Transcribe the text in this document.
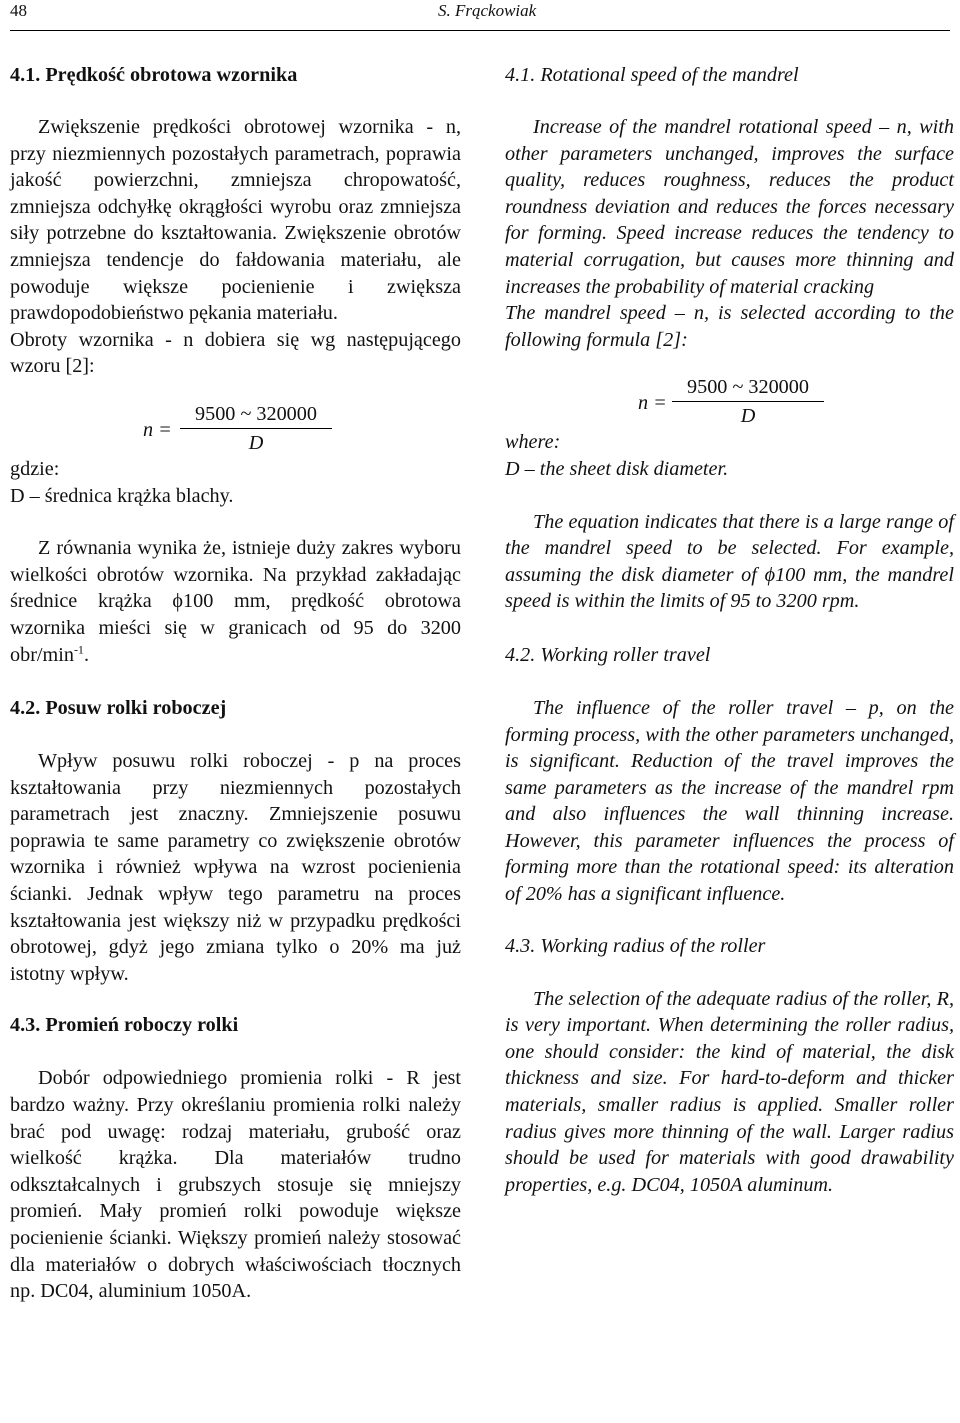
48	S. Frąckowiak
4.1. Prędkość obrotowa wzornika

Zwiększenie prędkości obrotowej wzornika - n, przy niezmiennych pozostałych parametrach, poprawia jakość powierzchni, zmniejsza chropowatość, zmniejsza odchyłkę okrągłości wyrobu oraz zmniejsza siły potrzebne do kształtowania. Zwiększenie obrotów zmniejsza tendencje do fałdowania materiału, ale powoduje większe pocienienie i zwiększa prawdopodobieństwo pękania materiału.

Obroty wzornika - n dobiera się wg następującego wzoru [2]:

$n = \frac{9500 \sim 320000}{D}$

gdzie:

D – średnica krążka blachy.

Z równania wynika że, istnieje duży zakres wyboru wielkości obrotów wzornika. Na przykład zakładając średnice krążka ϕ100 mm, prędkość obrotowa wzornika mieści się w granicach od 95 do 3200 obr/$\min^{-1}$.

4.2. Posuw rolki roboczej

Wpływ posuwu rolki roboczej - p na proces kształtowania przy niezmiennych pozostałych parametrach jest znaczny. Zmniejszenie posuwu poprawia te same parametry co zwiększenie obrotów wzornika i również wpływa na wzrost pocienienia ścianki. Jednak wpływ tego parametru na proces kształtowania jest większy niż w przypadku prędkości obrotowej, gdyż jego zmiana tylko o 20% ma już istotny wpływ.

4.3. Promień roboczy rolki

Dobór odpowiedniego promienia rolki - R jest bardzo ważny. Przy określaniu promienia rolki należy brać pod uwagę: rodzaj materiału, grubość oraz wielkość krążka. Dla materiałów trudno odkształcalnych i grubszych stosuje się mniejszy promień. Mały promień rolki powoduje większe pocienienie ścianki. Większy promień należy stosować dla materiałów o dobrych właściwościach tłocznych np. DC04, aluminium 1050A.

4.1. Rotational speed of the mandrel

Increase of the mandrel rotational speed – n, with other parameters unchanged, improves the surface quality, reduces roughness, reduces the product roundness deviation and reduces the forces necessary for forming. Speed increase reduces the tendency to material corrugation, but causes more thinning and increases the probability of material cracking

The mandrel speed – n, is selected according to the following formula [2]:

$n = \frac{9500 \sim 320000}{D}$

where:

D – the sheet disk diameter.

The equation indicates that there is a large range of the mandrel speed to be selected. For example, assuming the disk diameter of ϕ100 mm, the mandrel speed is within the limits of 95 to 3200 rpm.

4.2. Working roller travel

The influence of the roller travel – p, on the forming process, with the other parameters unchanged, is significant. Reduction of the travel improves the same parameters as the increase of the mandrel rpm and also influences the wall thinning increase. However, this parameter influences the process of forming more than the rotational speed: its alteration of 20% has a significant influence.

4.3. Working radius of the roller

The selection of the adequate radius of the roller, R, is very important. When determining the roller radius, one should consider: the kind of material, the disk thickness and size. For hard-to-deform and thicker materials, smaller radius is applied. Smaller roller radius gives more thinning of the wall. Larger radius should be used for materials with good drawability properties, e.g. DC04, 1050A aluminum.
